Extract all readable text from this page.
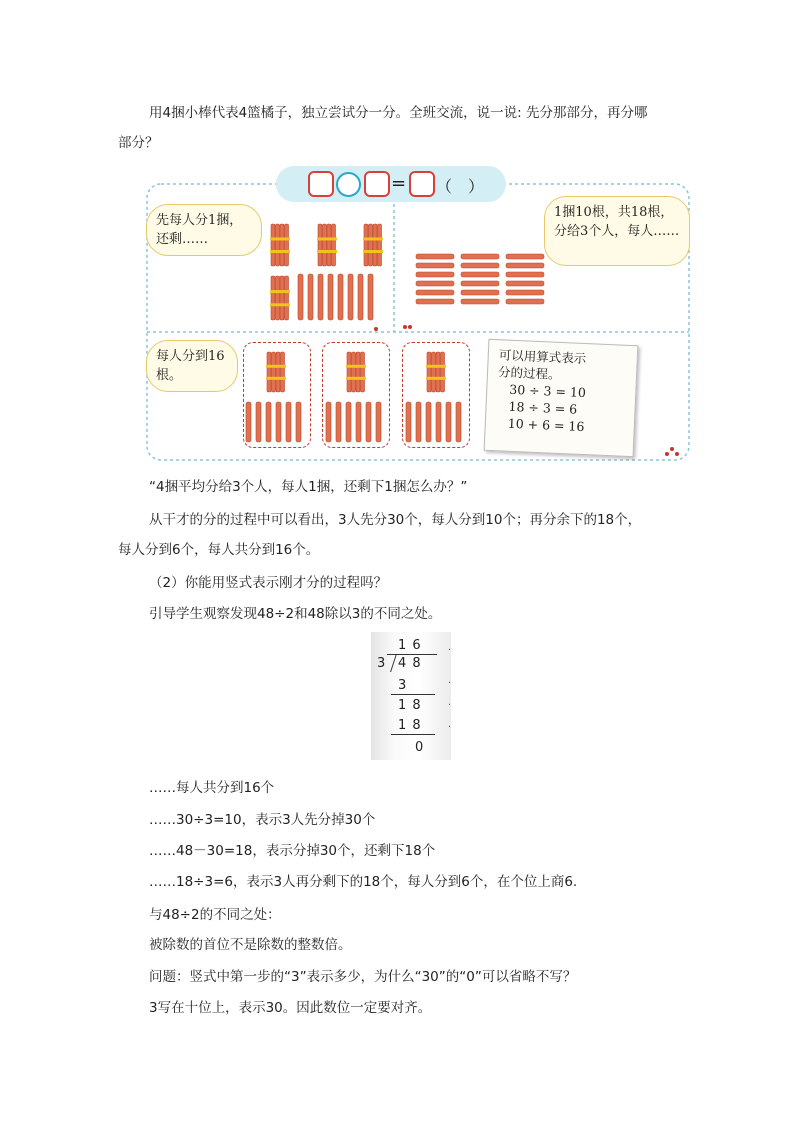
用4捆小棒代表4篮橘子，独立尝试分一分。全班交流，说一说: 先分那部分，再分哪
部分？
= （　）
先每人分1捆，还剩……
1捆10根，共18根，分给3个人，每人……
每人分到16根。
可以用算式表示
分的过程。
30 ÷ 3 = 10
18 ÷ 3 = 6
10 + 6 = 16
“4捆平均分给3个人，每人1捆，还剩下1捆怎么办？”
从干才的分的过程中可以看出，3人先分30个，每人分到10个；再分余下的18个，
每人分到6个，每人共分到16个。
（2）你能用竖式表示刚才分的过程吗？
引导学生观察发现48÷2和48除以3的不同之处。
1 6
3 4 8
3
1 8
1 8
0
·
·
·
·
……每人共分到16个
……30÷3=10，表示3人先分掉30个
……48－30=18，表示分掉30个，还剩下18个
……18÷3=6，表示3人再分剩下的18个，每人分到6个，在个位上商6.
与48÷2的不同之处：
被除数的首位不是除数的整数倍。
问题：竖式中第一步的“3”表示多少，为什么“30”的“0”可以省略不写？
3写在十位上，表示30。因此数位一定要对齐。
